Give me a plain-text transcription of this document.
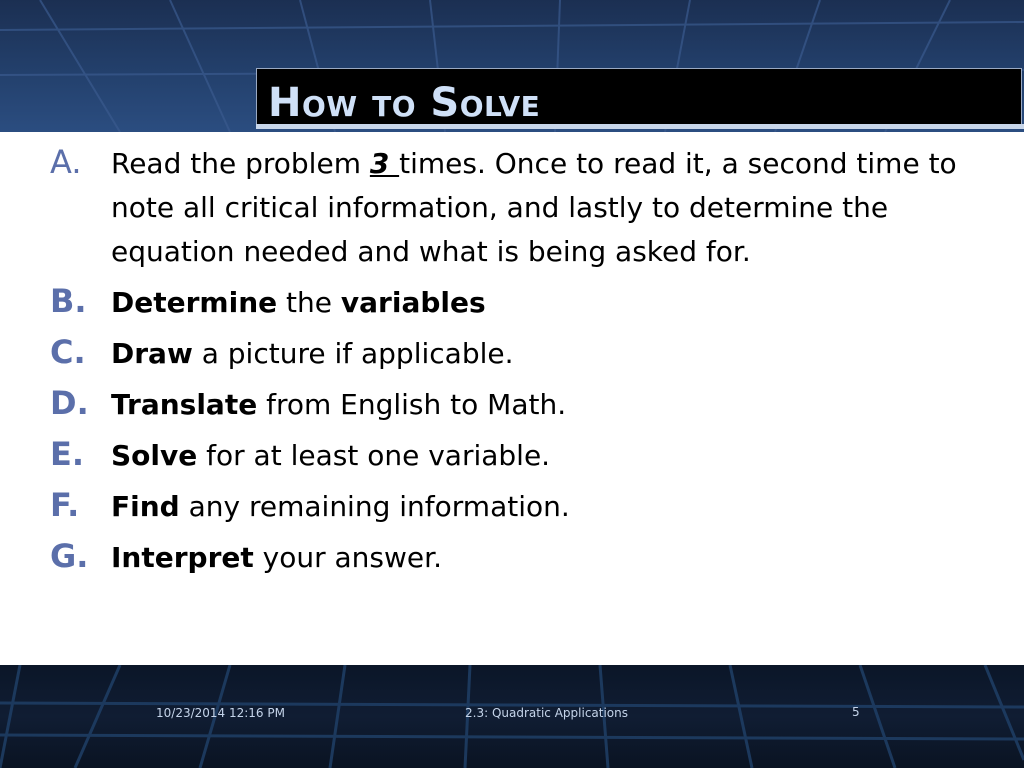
How to Solve
A.	Read the problem 3 times. Once to read it, a second time to note all critical information, and lastly to determine the equation needed and what is being asked for.
B. Determine the variables
C. Draw a picture if applicable.
D. Translate from English to Math.
E. Solve for at least one variable.
F.	Find any remaining information.
G. Interpret your answer.
10/23/2014 12:16 PM	2.3: Quadratic Applications	5
